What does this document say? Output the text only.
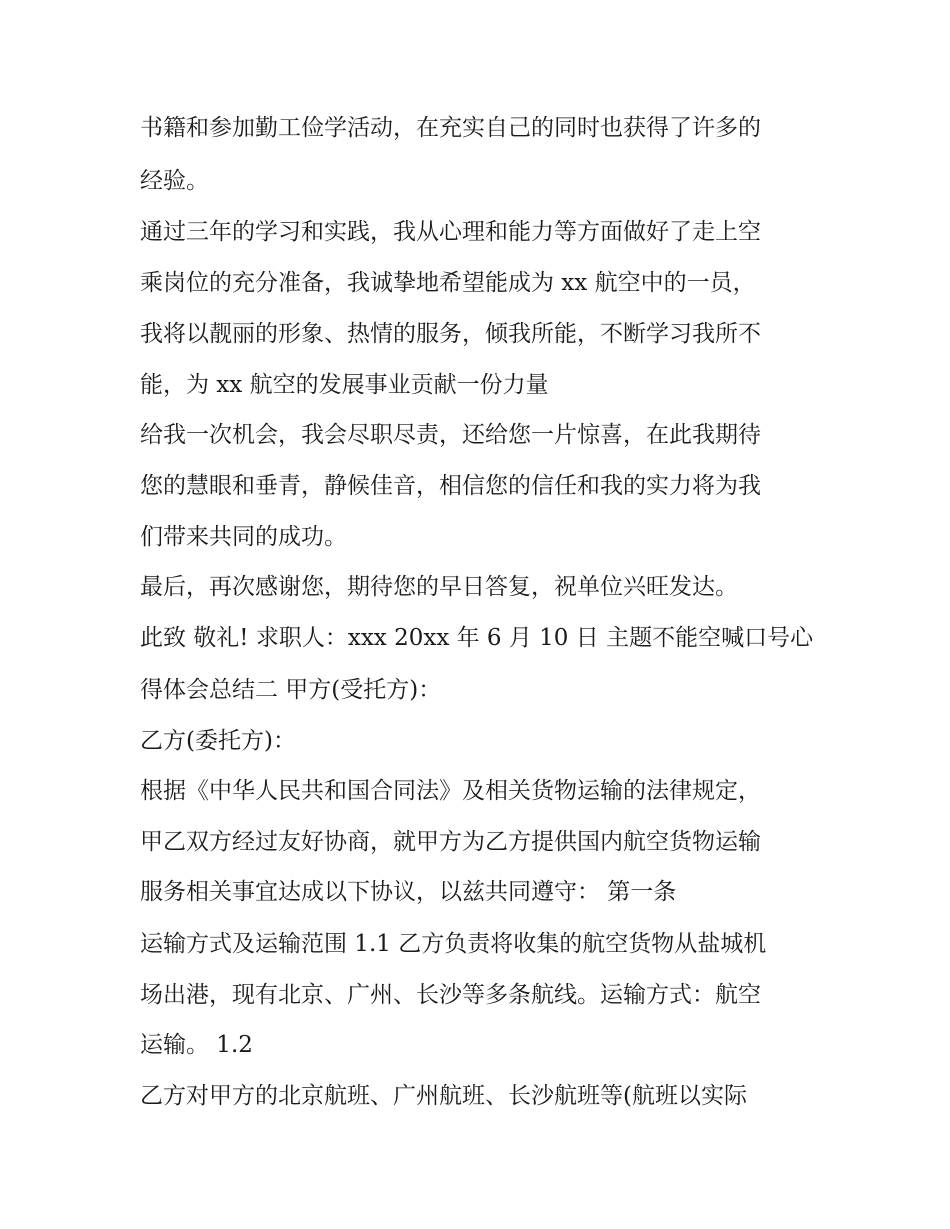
书籍和参加勤工俭学活动，在充实自己的同时也获得了许多的
经验。
通过三年的学习和实践，我从心理和能力等方面做好了走上空
乘岗位的充分准备，我诚挚地希望能成为 xx 航空中的一员，
我将以靓丽的形象、热情的服务，倾我所能，不断学习我所不
能，为 xx 航空的发展事业贡献一份力量
给我一次机会，我会尽职尽责，还给您一片惊喜，在此我期待
您的慧眼和垂青，静候佳音，相信您的信任和我的实力将为我
们带来共同的成功。
最后，再次感谢您，期待您的早日答复，祝单位兴旺发达。
此致 敬礼! 求职人：xxx 20xx 年 6 月 10 日 主题不能空喊口号心
得体会总结二 甲方(受托方)：
乙方(委托方)：
根据《中华人民共和国合同法》及相关货物运输的法律规定，
甲乙双方经过友好协商，就甲方为乙方提供国内航空货物运输
服务相关事宜达成以下协议，以兹共同遵守： 第一条
运输方式及运输范围 1.1 乙方负责将收集的航空货物从盐城机
场出港，现有北京、广州、长沙等多条航线。运输方式：航空
运输。 1.2
乙方对甲方的北京航班、广州航班、长沙航班等(航班以实际
